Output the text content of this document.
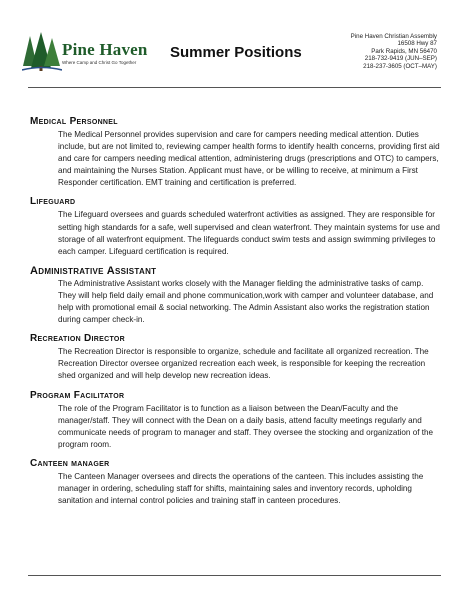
Pine Haven
Where Camp and Christ Go Together
Summer Positions
Pine Haven Christian Assembly
16508 Hwy 87
Park Rapids, MN 56470
218-732-9419 (JUN–SEP)
218-237-3605 (OCT–MAY)
Medical Personnel
The Medical Personnel provides supervision and care for campers needing medical attention. Duties include, but are not limited to, reviewing camper health forms to identify health concerns, providing first aid and care for campers needing medical attention, administering drugs (prescriptions and OTC) to campers, and maintaining the Nurses Station. Applicant must have, or be willing to receive, at minimum a First Responder certification. EMT training and certification is preferred.
Lifeguard
The Lifeguard oversees and guards scheduled waterfront activities as assigned. They are responsible for setting high standards for a safe, well supervised and clean waterfront. They maintain systems for use and storage of all waterfront equipment. The lifeguards conduct swim tests and assign swimming privileges to each camper. Lifeguard certification is required.
Administrative Assistant
The Administrative Assistant works closely with the Manager fielding the administrative tasks of camp. They will help field daily email and phone communication,work with camper and volunteer database, and help with promotional email & social networking. The Admin Assistant also works the registration station during camper check-in.
Recreation Director
The Recreation Director is responsible to organize, schedule and facilitate all organized recreation. The Recreation Director oversee organized recreation each week, is responsible for keeping the recreation shed organized and will help develop new recreation ideas.
Program Facilitator
The role of the Program Facilitator is to function as a liaison between the Dean/Faculty and the manager/staff. They will connect with the Dean on a daily basis, attend faculty meetings regularly and communicate needs of program to manager and staff. They oversee the stocking and organization of the program room.
Canteen manager
The Canteen Manager oversees and directs the operations of the canteen. This includes assisting the manager in ordering, scheduling staff for shifts, maintaining sales and inventory records, upholding sanitation and internal control policies and training staff in canteen procedures.
